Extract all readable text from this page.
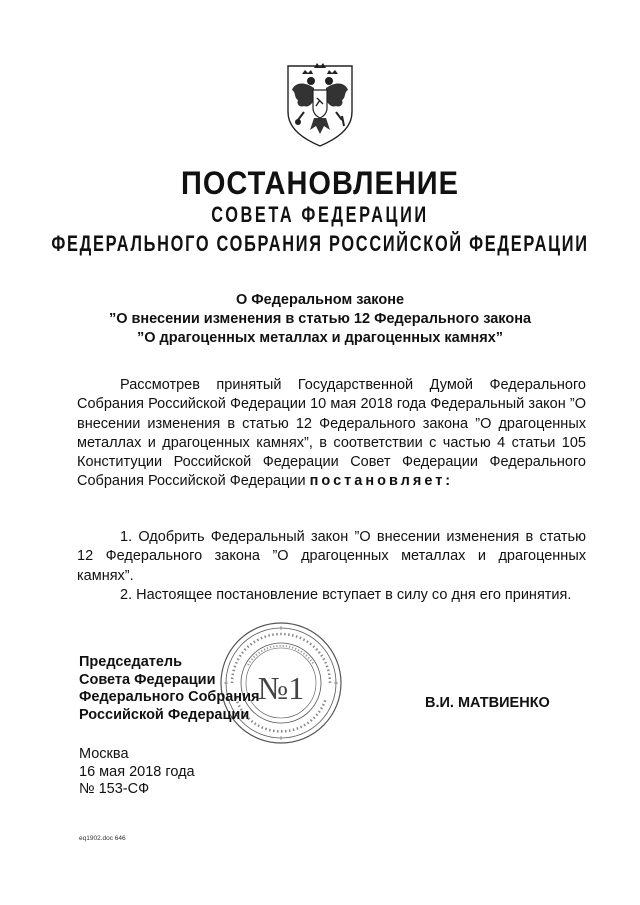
ПОСТАНОВЛЕНИЕ
СОВЕТА ФЕДЕРАЦИИ
ФЕДЕРАЛЬНОГО СОБРАНИЯ РОССИЙСКОЙ ФЕДЕРАЦИИ
О Федеральном законе
”О внесении изменения в статью 12 Федерального закона
”О драгоценных металлах и драгоценных камнях”
Рассмотрев принятый Государственной Думой Федерального Собрания Российской Федерации 10 мая 2018 года Федеральный закон ”О внесении изменения в статью 12 Федерального закона ”О драгоценных металлах и драгоценных камнях”, в соответствии с частью 4 статьи 105 Конституции Российской Федерации Совет Федерации Федерального Собрания Российской Федерации постановляет:
1. Одобрить Федеральный закон ”О внесении изменения в статью 12 Федерального закона ”О драгоценных металлах и драгоценных камнях”.
2. Настоящее постановление вступает в силу со дня его принятия.
№1
Председатель
Совета Федерации
Федерального Собрания
Российской Федерации
В.И. МАТВИЕНКО
Москва
16 мая 2018 года
№ 153-СФ
eq1902.doc 646
